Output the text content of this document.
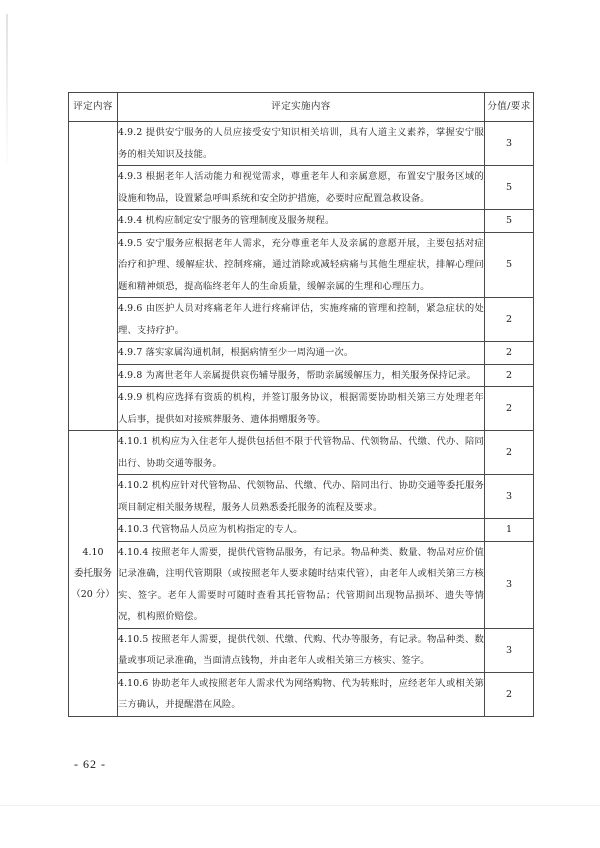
评定内容	评定实施内容	分值/要求
	4.9.2 提供安宁服务的人员应接受安宁知识相关培训，具有人道主义素养，掌握安宁服务的相关知识及技能。	3
	4.9.3 根据老年人活动能力和视觉需求，尊重老年人和亲属意愿，布置安宁服务区域的设施和物品，设置紧急呼叫系统和安全防护措施，必要时应配置急救设备。	5
	4.9.4 机构应制定安宁服务的管理制度及服务规程。	5
	4.9.5 安宁服务应根据老年人需求，充分尊重老年人及亲属的意愿开展，主要包括对症治疗和护理、缓解症状、控制疼痛，通过消除或减轻病痛与其他生理症状，排解心理问题和精神烦恐，提高临终老年人的生命质量，缓解亲属的生理和心理压力。	5
	4.9.6 由医护人员对疼痛老年人进行疼痛评估，实施疼痛的管理和控制，紧急症状的处理、支持疗护。	2
	4.9.7 落实家属沟通机制，根据病情至少一周沟通一次。	2
	4.9.8 为离世老年人亲属提供哀伤辅导服务，帮助亲属缓解压力，相关服务保持记录。	2
	4.9.9 机构应选择有资质的机构，并签订服务协议，根据需要协助相关第三方处理老年人后事，提供如对接殡葬服务、遗体捐赠服务等。	2

4.10
委托服务
（20 分）	4.10.1 机构应为入住老年人提供包括但不限于代管物品、代领物品、代缴、代办、陪同出行、协助交通等服务。	2
	4.10.2 机构应针对代管物品、代领物品、代缴、代办、陪同出行、协助交通等委托服务项目制定相关服务规程，服务人员熟悉委托服务的流程及要求。	3
	4.10.3 代管物品人员应为机构指定的专人。	1
	4.10.4 按照老年人需要，提供代管物品服务，有记录。物品种类、数量、物品对应价值记录准确，注明代管期限（或按照老年人要求随时结束代管），由老年人或相关第三方核实、签字。老年人需要时可随时查看其托管物品；代管期间出现物品损坏、遗失等情况，机构照价赔偿。	3
	4.10.5 按照老年人需要，提供代领、代缴、代购、代办等服务，有记录。物品种类、数量或事项记录准确，当面清点钱物，并由老年人或相关第三方核实、签字。	3
	4.10.6 协助老年人或按照老年人需求代为网络购物、代为转账时，应经老年人或相关第三方确认，并提醒潜在风险。	2
- 62 -
